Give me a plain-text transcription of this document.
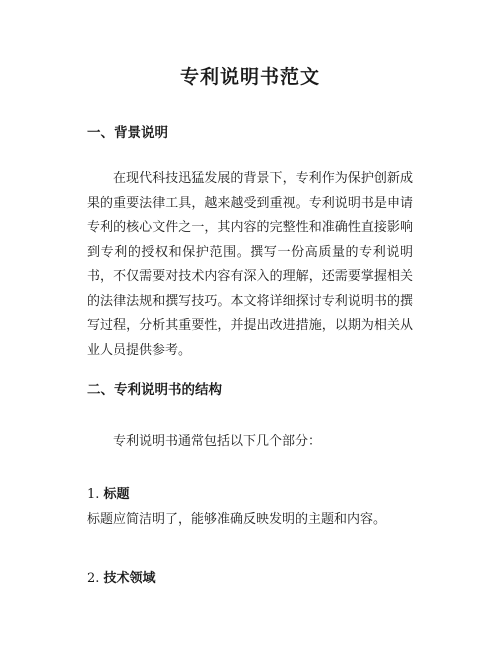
专利说明书范文
一、背景说明

在现代科技迅猛发展的背景下，专利作为保护创新成果的重要法律工具，越来越受到重视。专利说明书是申请专利的核心文件之一，其内容的完整性和准确性直接影响到专利的授权和保护范围。撰写一份高质量的专利说明书，不仅需要对技术内容有深入的理解，还需要掌握相关的法律法规和撰写技巧。本文将详细探讨专利说明书的撰写过程，分析其重要性，并提出改进措施，以期为相关从业人员提供参考。

二、专利说明书的结构

专利说明书通常包括以下几个部分：

1. 标题

标题应简洁明了，能够准确反映发明的主题和内容。

2. 技术领域
